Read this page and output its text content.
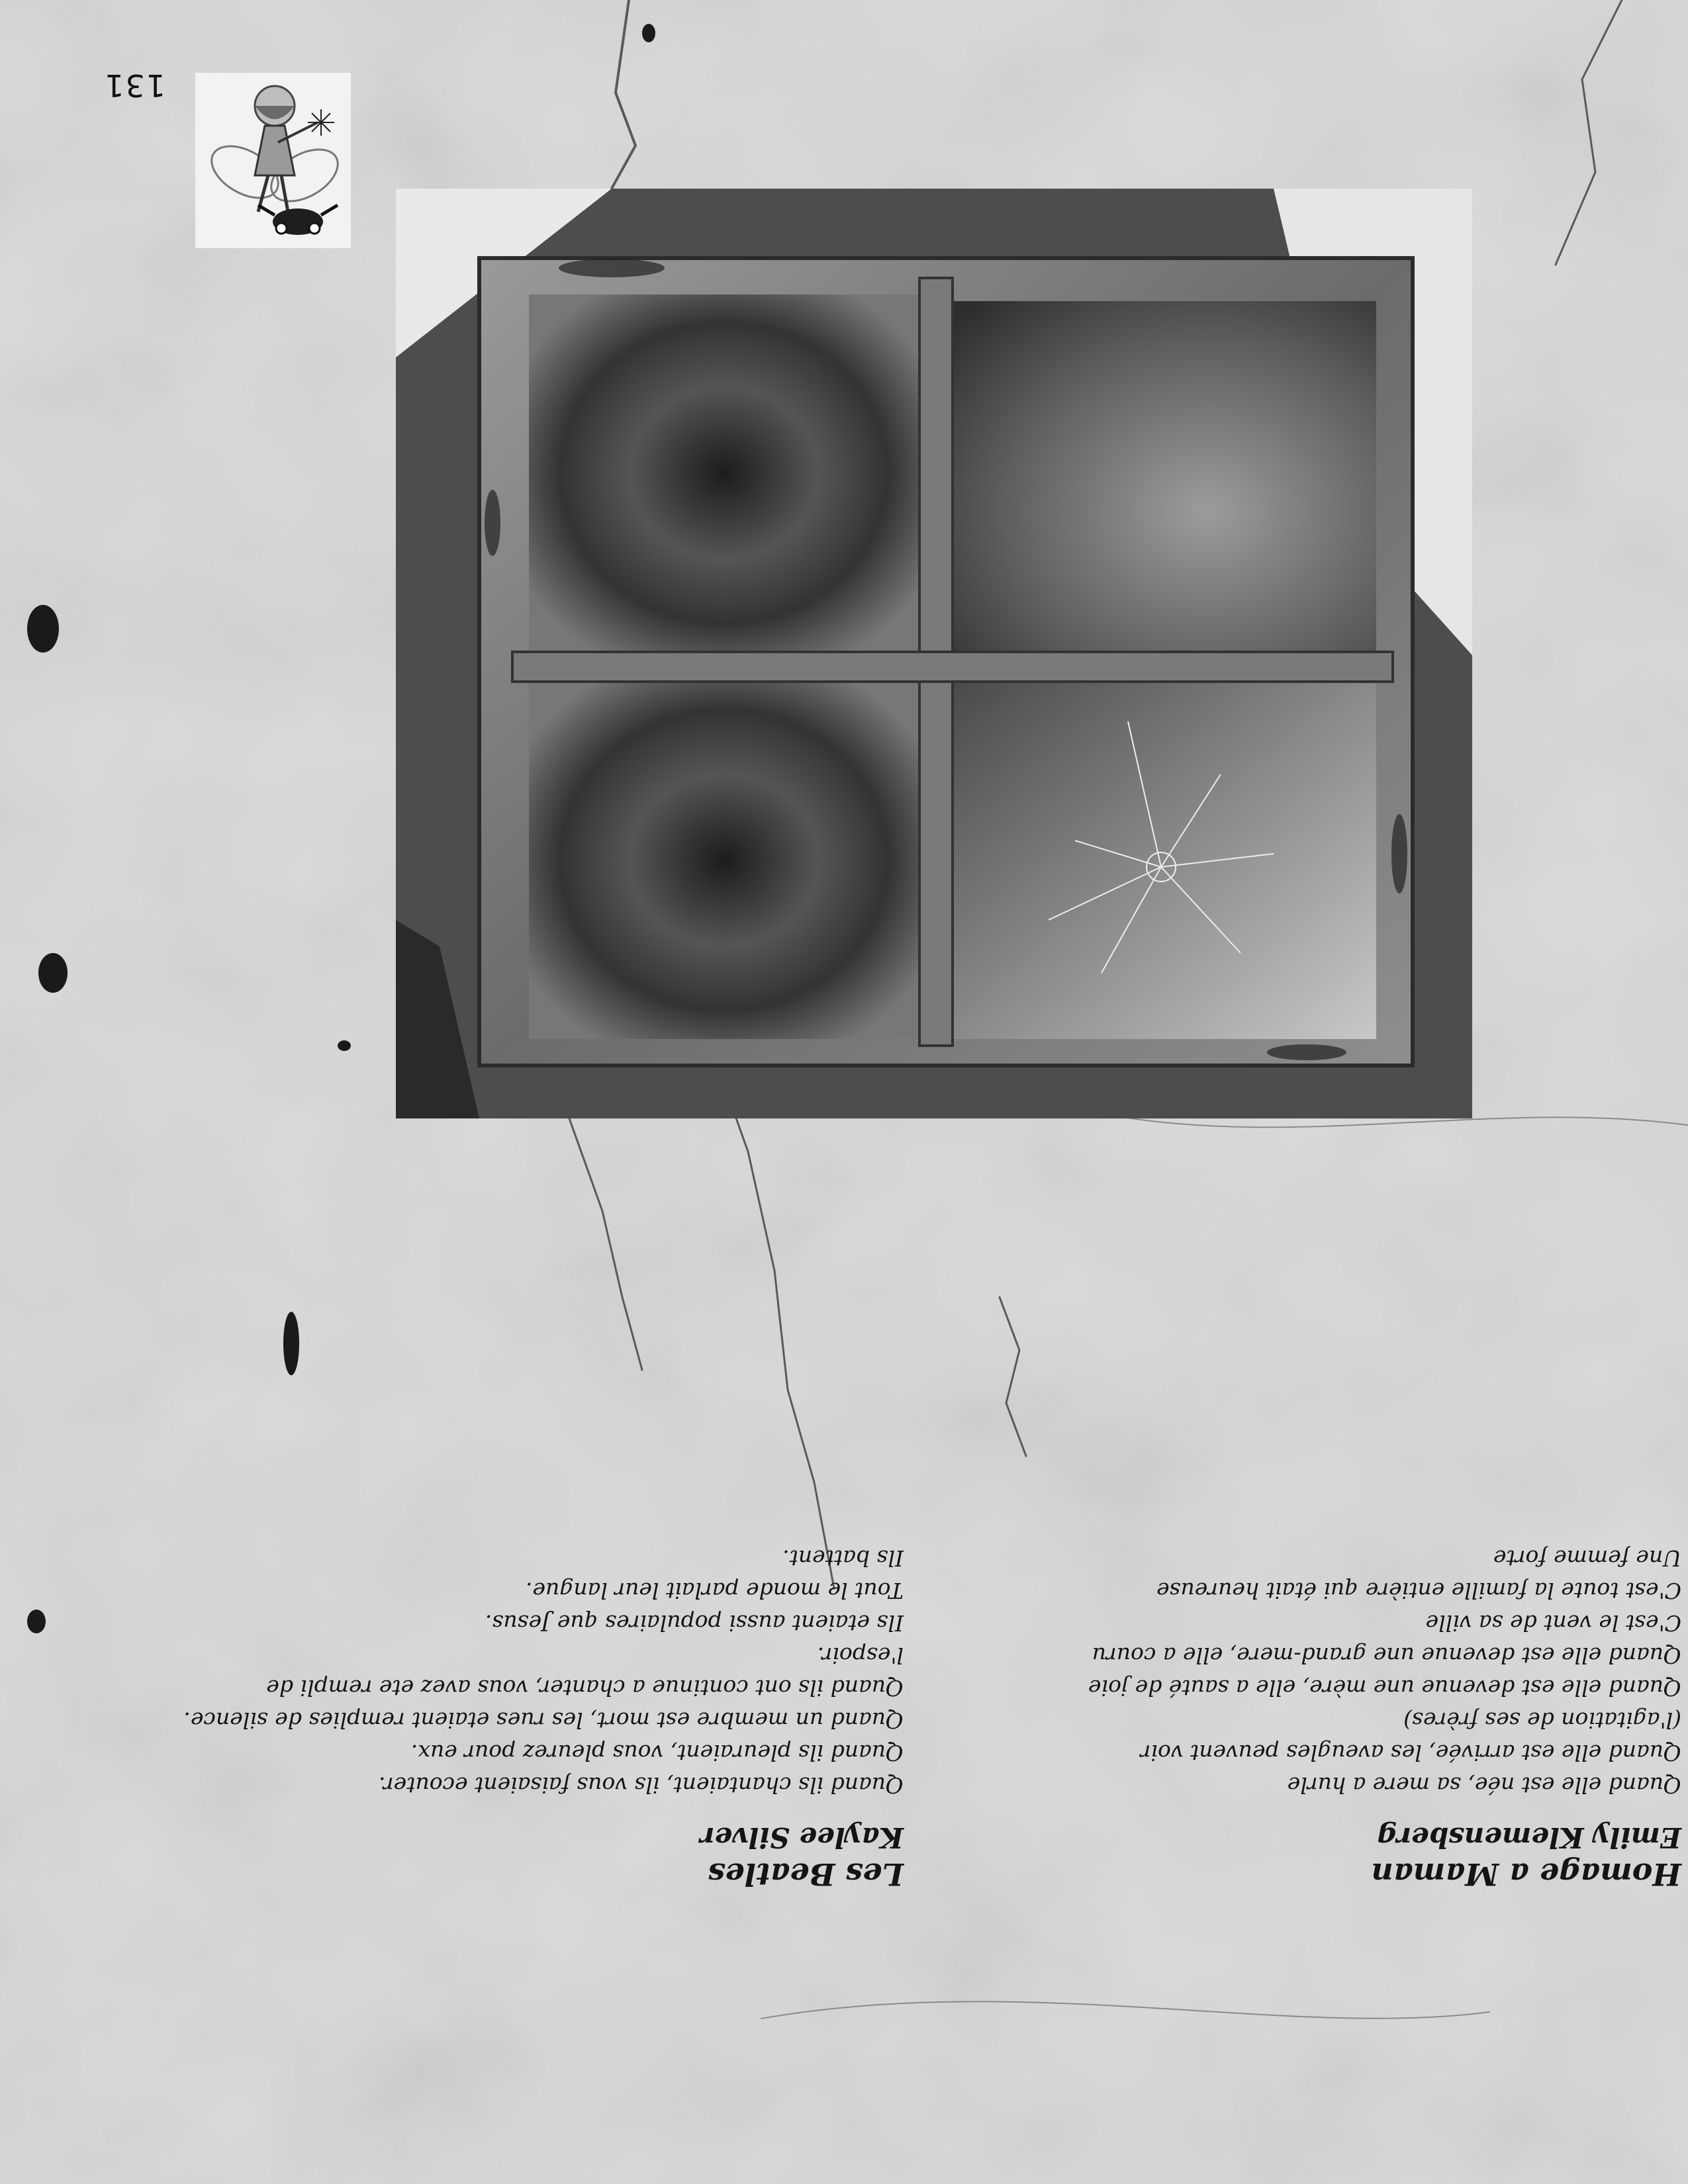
131
Homage a Maman
Emily Klemensberg
Quand elle est née, sa mere a hurle
Quand elle est arrivée, les aveugles peuvent voir
(l'agitation de ses frères)
Quand elle est devenue une mère, elle a sauté de joie
Quand elle est devenue une grand-mere, elle a couru
C'est le vent de sa ville
C'est toute la famille entière qui était heureuse
Une femme forte
Les Beatles
Kaylee Silver
Quand ils chantaient, ils vous faisaient ecouter.
Quand ils pleuraient, vous pleurez pour eux.
Quand un membre est mort, les rues etaient remplies de silence.
Quand ils ont continue a chanter, vous avez ete rempli de l'espoir.
Ils etaient aussi populaires que Jesus.
Tout le monde parlait leur langue.
Ils battent.
